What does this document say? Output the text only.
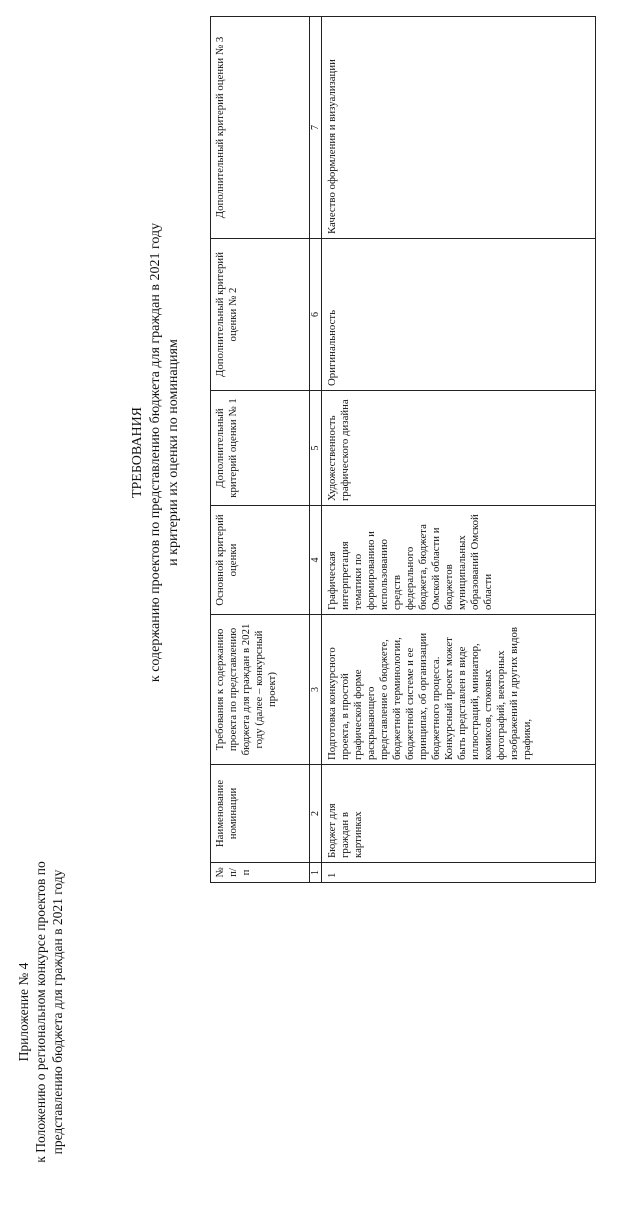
Приложение № 4 к Положению о региональном конкурсе проектов по представлению бюджета для граждан в 2021 году
ТРЕБОВАНИЯ к содержанию проектов по представлению бюджета для граждан в 2021 году и критерии их оценки по номинациям
№ п/п	Наименование номинации	Требования к содержанию проекта по представлению бюджета для граждан в 2021 году (далее – конкурсный проект)	Основной критерий оценки	Дополнительный критерий оценки № 1	Дополнительный критерий оценки № 2	Дополнительный критерий оценки № 3
1	2	3	4	5	6	7
1	Бюджет для граждан в картинках	Подготовка конкурсного проекта, в простой графической форме раскрывающего представление о бюджете, бюджетной терминологии, бюджетной системе и ее принципах, об организации бюджетного процесса. Конкурсный проект может быть представлен в виде иллюстраций, миниатюр, комиксов, стоковых фотографий, векторных изображений и других видов графики,	Графическая интерпретация тематики по формированию и использованию средств федерального бюджета, бюджета Омской области и бюджетов муниципальных образований Омской области	Художественность графического дизайна	Оригинальность	Качество оформления и визуализации
